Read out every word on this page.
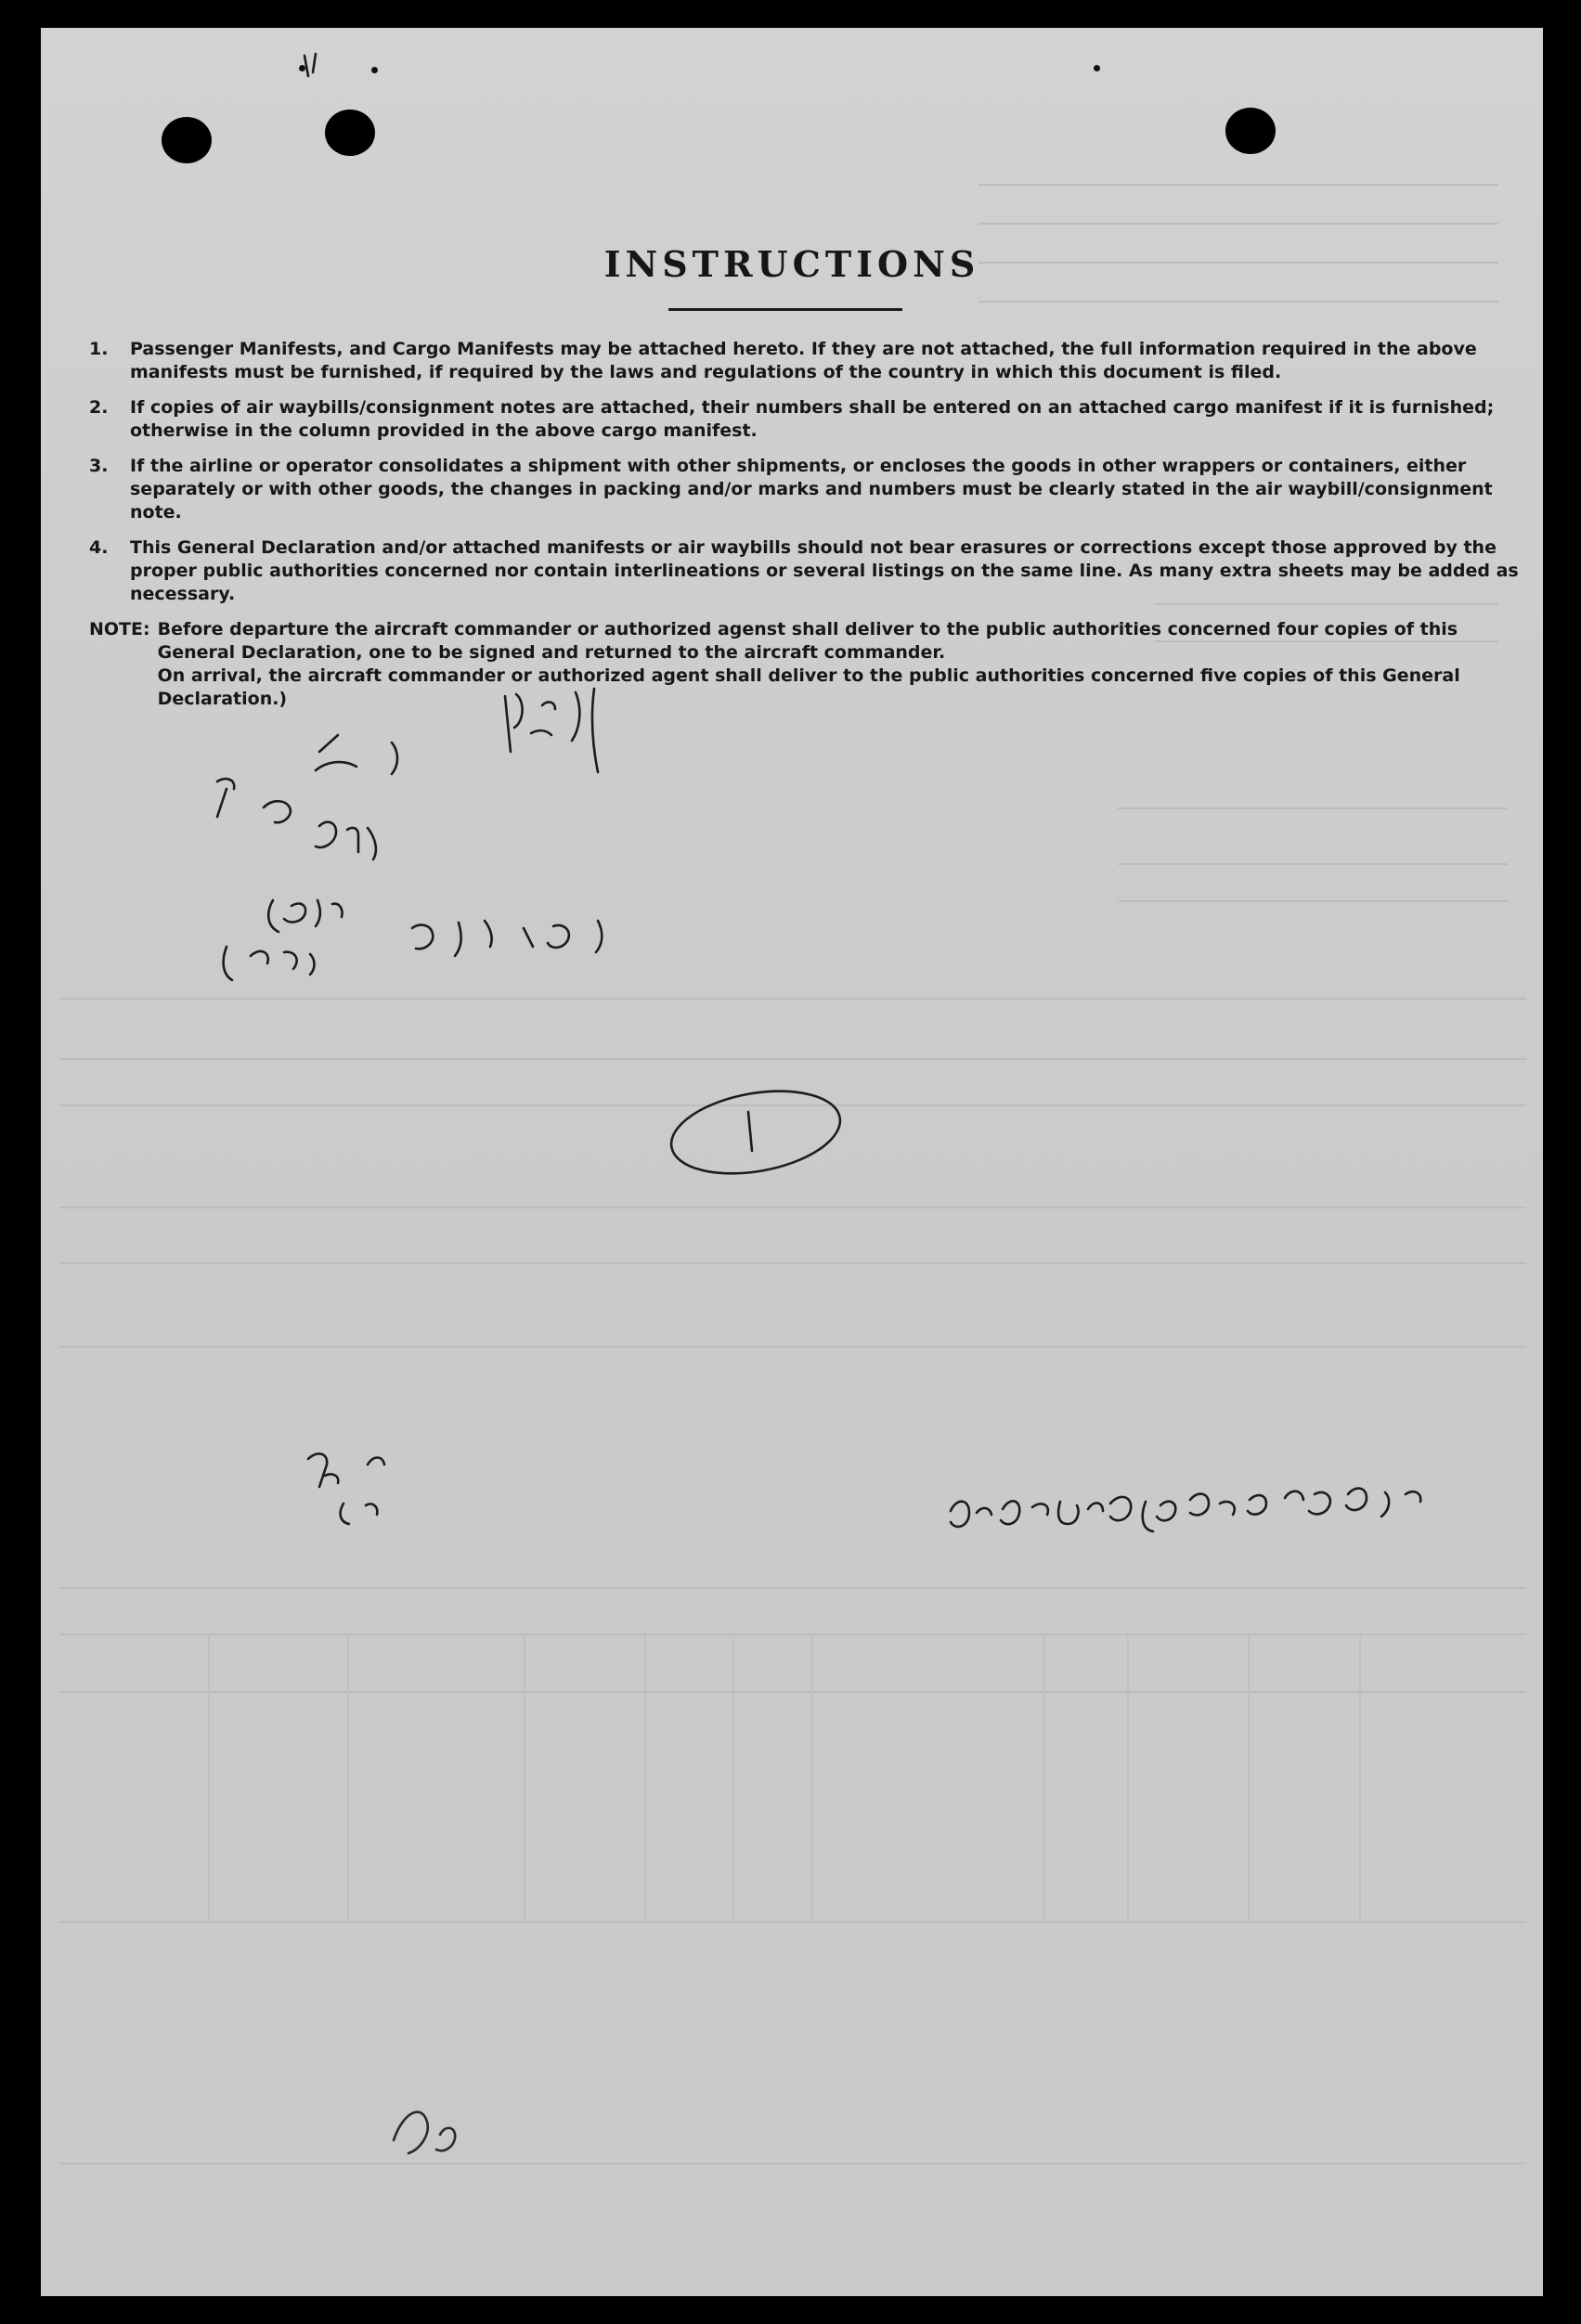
INSTRUCTIONS
1.	Passenger Manifests, and Cargo Manifests may be attached hereto. If they are not attached, the full information required in the above manifests must be furnished, if required by the laws and regulations of the country in which this document is filed.
2.	If copies of air waybills/consignment notes are attached, their numbers shall be entered on an attached cargo manifest if it is furnished; otherwise in the column provided in the above cargo manifest.
3.	If the airline or operator consolidates a shipment with other shipments, or encloses the goods in other wrappers or containers, either separately or with other goods, the changes in packing and/or marks and numbers must be clearly stated in the air waybill/consignment note.
4.	This General Declaration and/or attached manifests or air waybills should not bear erasures or corrections except those approved by the proper public authorities concerned nor contain interlineations or several listings on the same line. As many extra sheets may be added as necessary.
NOTE: Before departure the aircraft commander or authorized agenst shall deliver to the public authorities concerned four copies of this General Declaration, one to be signed and returned to the aircraft commander.

On arrival, the aircraft commander or authorized agent shall deliver to the public authorities concerned five copies of this General Declaration.)
